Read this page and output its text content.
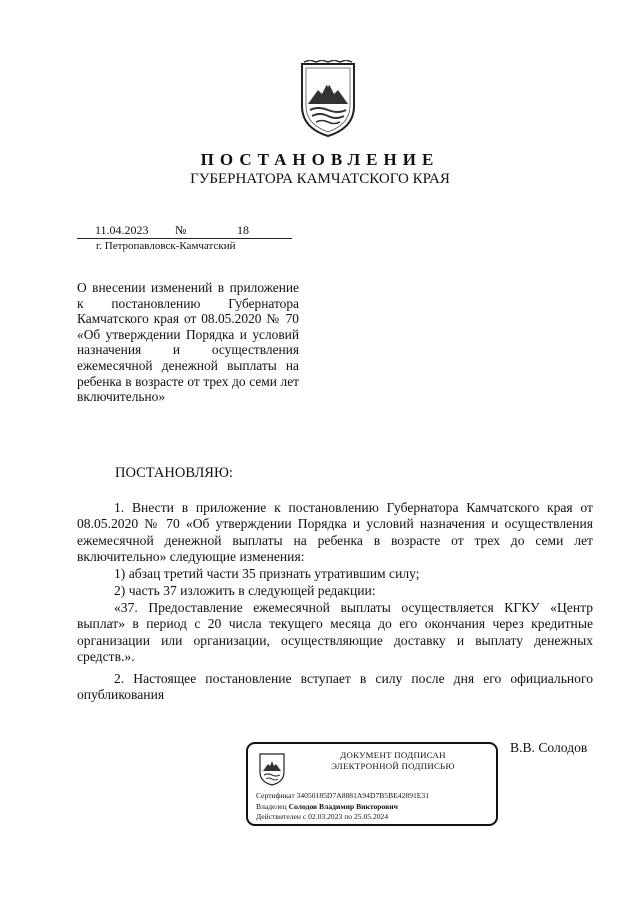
ПОСТАНОВЛЕНИЕ
ГУБЕРНАТОРА КАМЧАТСКОГО КРАЯ
11.04.2023 №	18
г. Петропавловск-Камчатский
О внесении изменений в приложение к постановлению Губернатора Камчатского края от 08.05.2020 № 70 «Об утверждении Порядка и условий назначения и осуществления ежемесячной денежной выплаты на ребенка в возрасте от трех до семи лет включительно»
ПОСТАНОВЛЯЮ:
1. Внести в приложение к постановлению Губернатора Камчатского края от 08.05.2020 № 70 «Об утверждении Порядка и условий назначения и осуществления ежемесячной денежной выплаты на ребенка в возрасте от трех до семи лет включительно» следующие изменения:
1) абзац третий части 35 признать утратившим силу;
2) часть 37 изложить в следующей редакции:
«37. Предоставление ежемесячной выплаты осуществляется КГКУ «Центр выплат» в период с 20 числа текущего месяца до его окончания через кредитные организации или организации, осуществляющие доставку и выплату денежных средств.».
2. Настоящее постановление вступает в силу после дня его официального опубликования
ДОКУМЕНТ ПОДПИСАН
ЭЛЕКТРОННОЙ ПОДПИСЬЮ
Сертификат 34050185D7A8881A94D7B5BE42891E31
Владелец Солодов Владимир Викторович
Действителен с 02.03.2023 по 25.05.2024
В.В. Солодов
